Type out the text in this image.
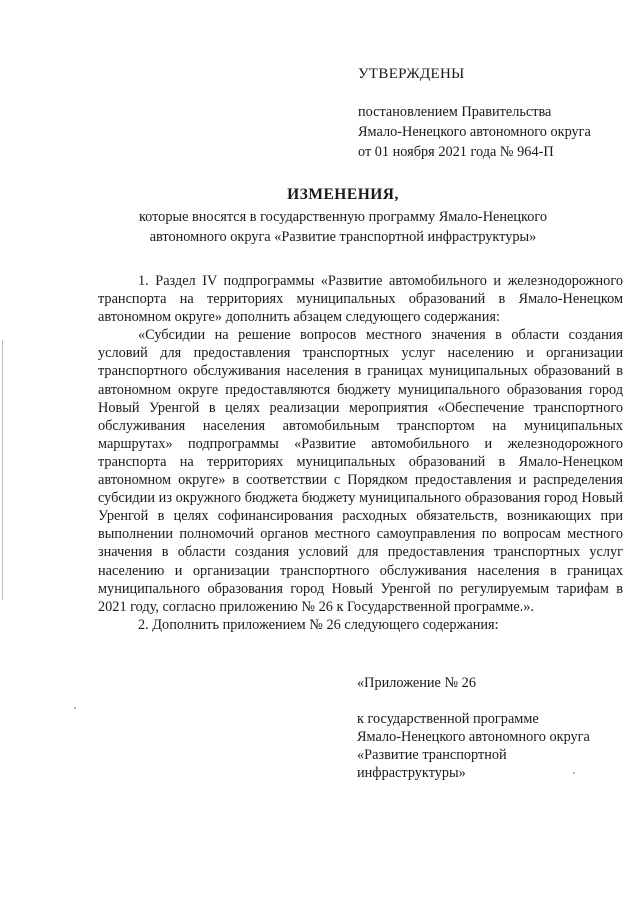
УТВЕРЖДЕНЫ
постановлением Правительства
Ямало-Ненецкого автономного округа
от 01 ноября 2021 года № 964-П
ИЗМЕНЕНИЯ,
которые вносятся в государственную программу Ямало-Ненецкого
автономного округа «Развитие транспортной инфраструктуры»

1. Раздел IV подпрограммы «Развитие автомобильного и железнодорожного транспорта на территориях муниципальных образований в Ямало-Ненецком автономном округе» дополнить абзацем следующего содержания:

«Субсидии на решение вопросов местного значения в области создания условий для предоставления транспортных услуг населению и организации транспортного обслуживания населения в границах муниципальных образований в автономном округе предоставляются бюджету муниципального образования город Новый Уренгой в целях реализации мероприятия «Обеспечение транспортного обслуживания населения автомобильным транспортом на муниципальных маршрутах» подпрограммы «Развитие автомобильного и железнодорожного транспорта на территориях муниципальных образований в Ямало-Ненецком автономном округе» в соответствии с Порядком предоставления и распределения субсидии из окружного бюджета бюджету муниципального образования город Новый Уренгой в целях софинансирования расходных обязательств, возникающих при выполнении полномочий органов местного самоуправления по вопросам местного значения в области создания условий для предоставления транспортных услуг населению и организации транспортного обслуживания населения в границах муниципального образования город Новый Уренгой по регулируемым тарифам в 2021 году, согласно приложению № 26 к Государственной программе.».

2. Дополнить приложением № 26 следующего содержания:

«Приложение № 26
к государственной программе
Ямало-Ненецкого автономного округа
«Развитие транспортной
инфраструктуры»
